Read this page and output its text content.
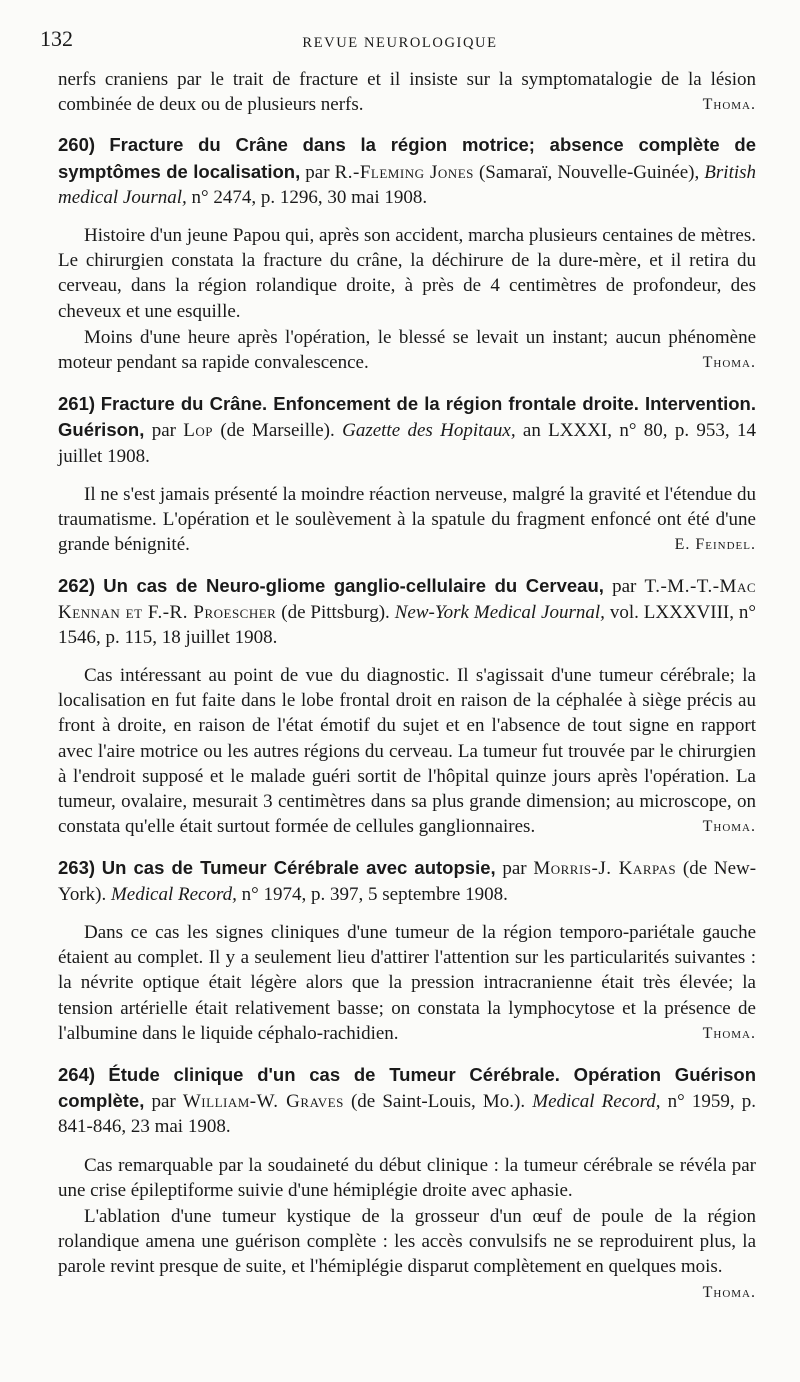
132	REVUE NEUROLOGIQUE

nerfs craniens par le trait de fracture et il insiste sur la symptomatalogie de la lésion combinée de deux ou de plusieurs nerfs.	Thoma.

260) Fracture du Crâne dans la région motrice; absence complète de symptômes de localisation, par R.-Fleming Jones (Samaraï, Nouvelle-Guinée), British medical Journal, n° 2474, p. 1296, 30 mai 1908.

Histoire d'un jeune Papou qui, après son accident, marcha plusieurs centaines de mètres. Le chirurgien constata la fracture du crâne, la déchirure de la dure-mère, et il retira du cerveau, dans la région rolandique droite, à près de 4 centimètres de profondeur, des cheveux et une esquille.

Moins d'une heure après l'opération, le blessé se levait un instant; aucun phénomène moteur pendant sa rapide convalescence.	Thoma.

261) Fracture du Crâne. Enfoncement de la région frontale droite. Intervention. Guérison, par Lop (de Marseille). Gazette des Hopitaux, an LXXXI, n° 80, p. 953, 14 juillet 1908.

Il ne s'est jamais présenté la moindre réaction nerveuse, malgré la gravité et l'étendue du traumatisme. L'opération et le soulèvement à la spatule du fragment enfoncé ont été d'une grande bénignité.	E. Feindel.

262) Un cas de Neuro-gliome ganglio-cellulaire du Cerveau, par T.-M.-T.-Mac Kennan et F.-R. Proescher (de Pittsburg). New-York Medical Journal, vol. LXXXVIII, n° 1546, p. 115, 18 juillet 1908.

Cas intéressant au point de vue du diagnostic. Il s'agissait d'une tumeur cérébrale; la localisation en fut faite dans le lobe frontal droit en raison de la céphalée à siège précis au front à droite, en raison de l'état émotif du sujet et en l'absence de tout signe en rapport avec l'aire motrice ou les autres régions du cerveau. La tumeur fut trouvée par le chirurgien à l'endroit supposé et le malade guéri sortit de l'hôpital quinze jours après l'opération. La tumeur, ovalaire, mesurait 3 centimètres dans sa plus grande dimension; au microscope, on constata qu'elle était surtout formée de cellules ganglionnaires.	Thoma.

263) Un cas de Tumeur Cérébrale avec autopsie, par Morris-J. Karpas (de New-York). Medical Record, n° 1974, p. 397, 5 septembre 1908.

Dans ce cas les signes cliniques d'une tumeur de la région temporo-pariétale gauche étaient au complet. Il y a seulement lieu d'attirer l'attention sur les particularités suivantes : la névrite optique était légère alors que la pression intracranienne était très élevée; la tension artérielle était relativement basse; on constata la lymphocytose et la présence de l'albumine dans le liquide céphalo-rachidien.	Thoma.

264) Étude clinique d'un cas de Tumeur Cérébrale. Opération Guérison complète, par William-W. Graves (de Saint-Louis, Mo.). Medical Record, n° 1959, p. 841-846, 23 mai 1908.

Cas remarquable par la soudaineté du début clinique : la tumeur cérébrale se révéla par une crise épileptiforme suivie d'une hémiplégie droite avec aphasie.

L'ablation d'une tumeur kystique de la grosseur d'un œuf de poule de la région rolandique amena une guérison complète : les accès convulsifs ne se reproduirent plus, la parole revint presque de suite, et l'hémiplégie disparut complètement en quelques mois.
Thoma.
